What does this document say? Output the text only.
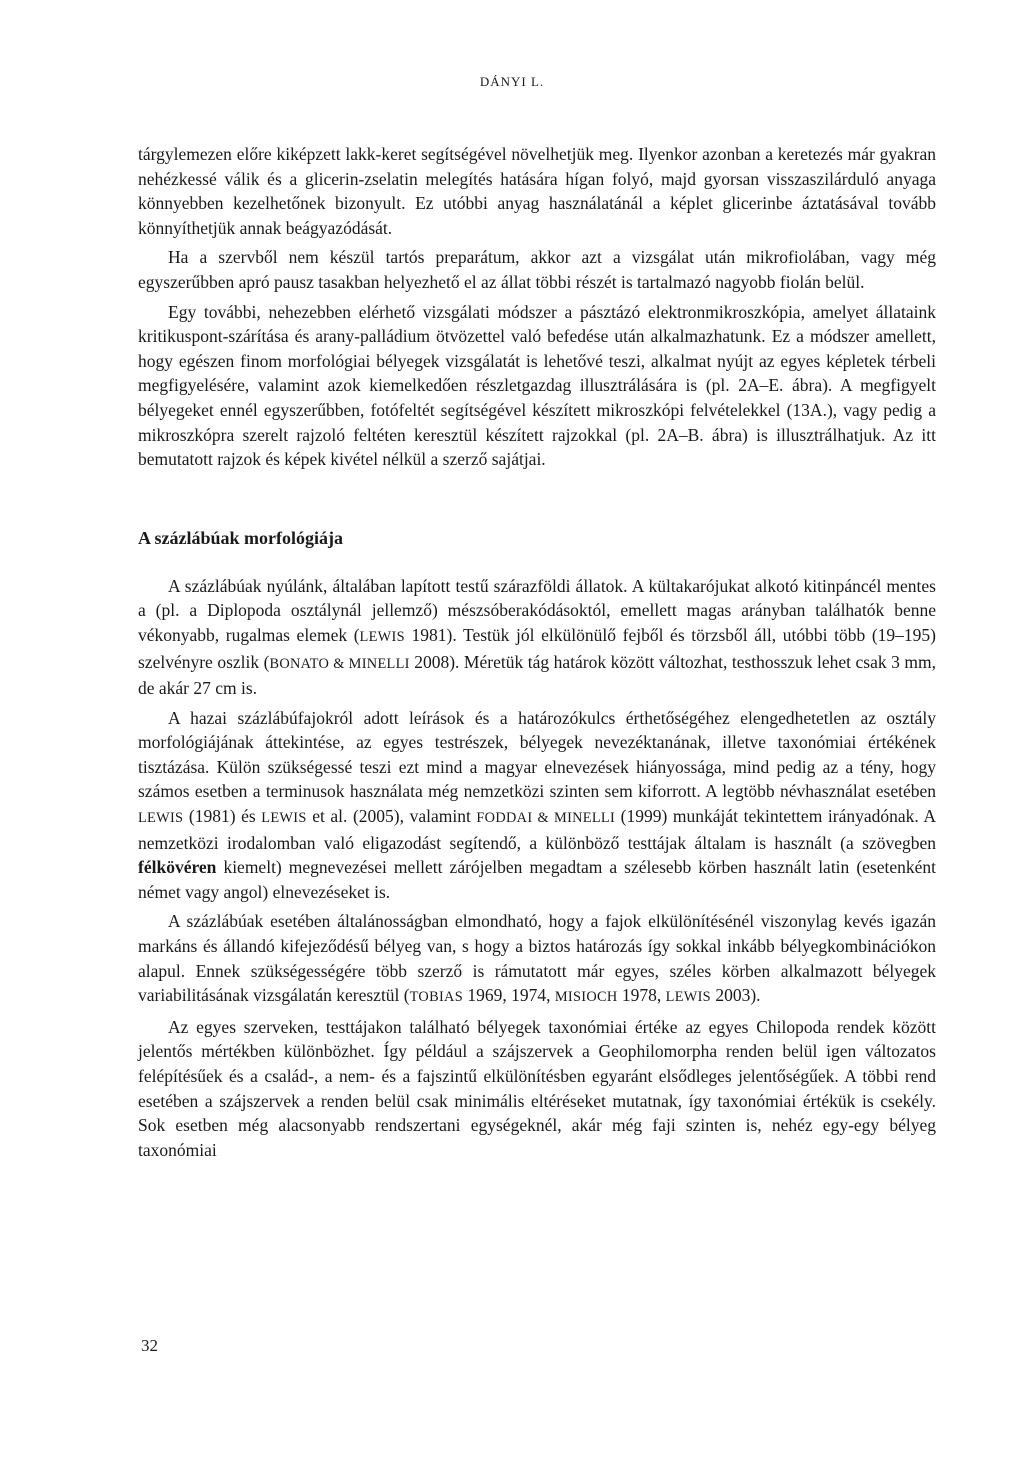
DÁNYI L.

tárgylemezen előre kiképzett lakk-keret segítségével növelhetjük meg. Ilyenkor azonban a keretezés már gyakran nehézkessé válik és a glicerin-zselatin melegítés hatására hígan folyó, majd gyorsan visszaszilárduló anyaga könnyebben kezelhetőnek bizonyult. Ez utóbbi anyag használatánál a képlet glicerinbe áztatásával tovább könnyíthetjük annak beágyazódását.

Ha a szervből nem készül tartós preparátum, akkor azt a vizsgálat után mikrofiolában, vagy még egyszerűbben apró pausz tasakban helyezhető el az állat többi részét is tartalmazó nagyobb fiolán belül.

Egy további, nehezebben elérhető vizsgálati módszer a pásztázó elektronmikroszkópia, amelyet állataink kritikuspont-szárítása és arany-palládium ötvözettel való befedése után alkalmazhatunk. Ez a módszer amellett, hogy egészen finom morfológiai bélyegek vizsgálatát is lehetővé teszi, alkalmat nyújt az egyes képletek térbeli megfigyelésére, valamint azok kiemelkedően részletgazdag illusztrálására is (pl. 2A–E. ábra). A megfigyelt bélyegeket ennél egyszerűbben, fotófeltét segítségével készített mikroszkópi felvételekkel (13A.), vagy pedig a mikroszkópra szerelt rajzoló feltéten keresztül készített rajzokkal (pl. 2A–B. ábra) is illusztrálhatjuk. Az itt bemutatott rajzok és képek kivétel nélkül a szerző sajátjai.

A százlábúak morfológiája

A százlábúak nyúlánk, általában lapított testű szárazföldi állatok. A kültakarójukat alkotó kitinpáncél mentes a (pl. a Diplopoda osztálynál jellemző) mészsóberakódásoktól, emellett magas arányban találhatók benne vékonyabb, rugalmas elemek (LEWIS 1981). Testük jól elkülönülő fejből és törzsből áll, utóbbi több (19–195) szelvényre oszlik (BONATO & MINELLI 2008). Méretük tág határok között változhat, testhosszuk lehet csak 3 mm, de akár 27 cm is.

A hazai százlábúfajokról adott leírások és a határozókulcs érthetőségéhez elengedhetetlen az osztály morfológiájának áttekintése, az egyes testrészek, bélyegek nevezéktanának, illetve taxonómiai értékének tisztázása. Külön szükségessé teszi ezt mind a magyar elnevezések hiányossága, mind pedig az a tény, hogy számos esetben a terminusok használata még nemzetközi szinten sem kiforrott. A legtöbb névhasználat esetében LEWIS (1981) és LEWIS et al. (2005), valamint FODDAI & MINELLI (1999) munkáját tekintettem irányadónak. A nemzetközi irodalomban való eligazodást segítendő, a különböző testtájak általam is használt (a szövegben félkövéren kiemelt) megnevezései mellett zárójelben megadtam a szélesebb körben használt latin (esetenként német vagy angol) elnevezéseket is.

A százlábúak esetében általánosságban elmondható, hogy a fajok elkülönítésénél viszonylag kevés igazán markáns és állandó kifejeződésű bélyeg van, s hogy a biztos határozás így sokkal inkább bélyegkombinációkon alapul. Ennek szükségességére több szerző is rámutatott már egyes, széles körben alkalmazott bélyegek variabilitásának vizsgálatán keresztül (TOBIAS 1969, 1974, MISIOCH 1978, LEWIS 2003).

Az egyes szerveken, testtájakon található bélyegek taxonómiai értéke az egyes Chilopoda rendek között jelentős mértékben különbözhet. Így például a szájszervek a Geophilomorpha renden belül igen változatos felépítésűek és a család-, a nem- és a fajszintű elkülönítésben egyaránt elsődleges jelentőségűek. A többi rend esetében a szájszervek a renden belül csak minimális eltéréseket mutatnak, így taxonómiai értékük is csekély. Sok esetben még alacsonyabb rendszertani egységeknél, akár még faji szinten is, nehéz egy-egy bélyeg taxonómiai

32
